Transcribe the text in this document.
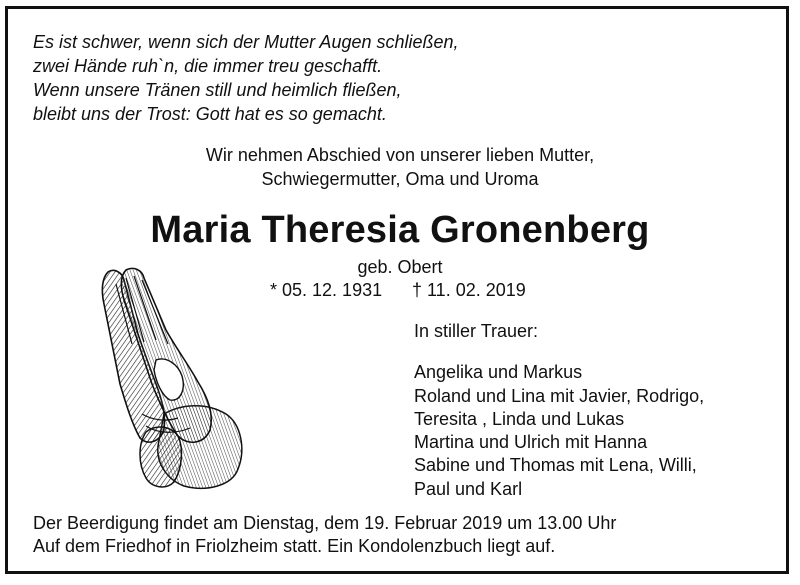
Es ist schwer, wenn sich der Mutter Augen schließen,
zwei Hände ruh`n, die immer treu geschafft.
Wenn unsere Tränen still und heimlich fließen,
bleibt uns der Trost: Gott hat es so gemacht.
Wir nehmen Abschied von unserer lieben Mutter,
Schwiegermutter, Oma und Uroma
Maria Theresia Gronenberg
geb. Obert
* 05. 12. 1931 † 11. 02. 2019
In stiller Trauer:
Angelika und Markus
Roland und Lina mit Javier, Rodrigo,
Teresita , Linda und Lukas
Martina und Ulrich mit Hanna
Sabine und Thomas mit Lena, Willi,
Paul und Karl
Der Beerdigung findet am Dienstag, dem 19. Februar 2019 um 13.00 Uhr
Auf dem Friedhof in Friolzheim statt. Ein Kondolenzbuch liegt auf.
